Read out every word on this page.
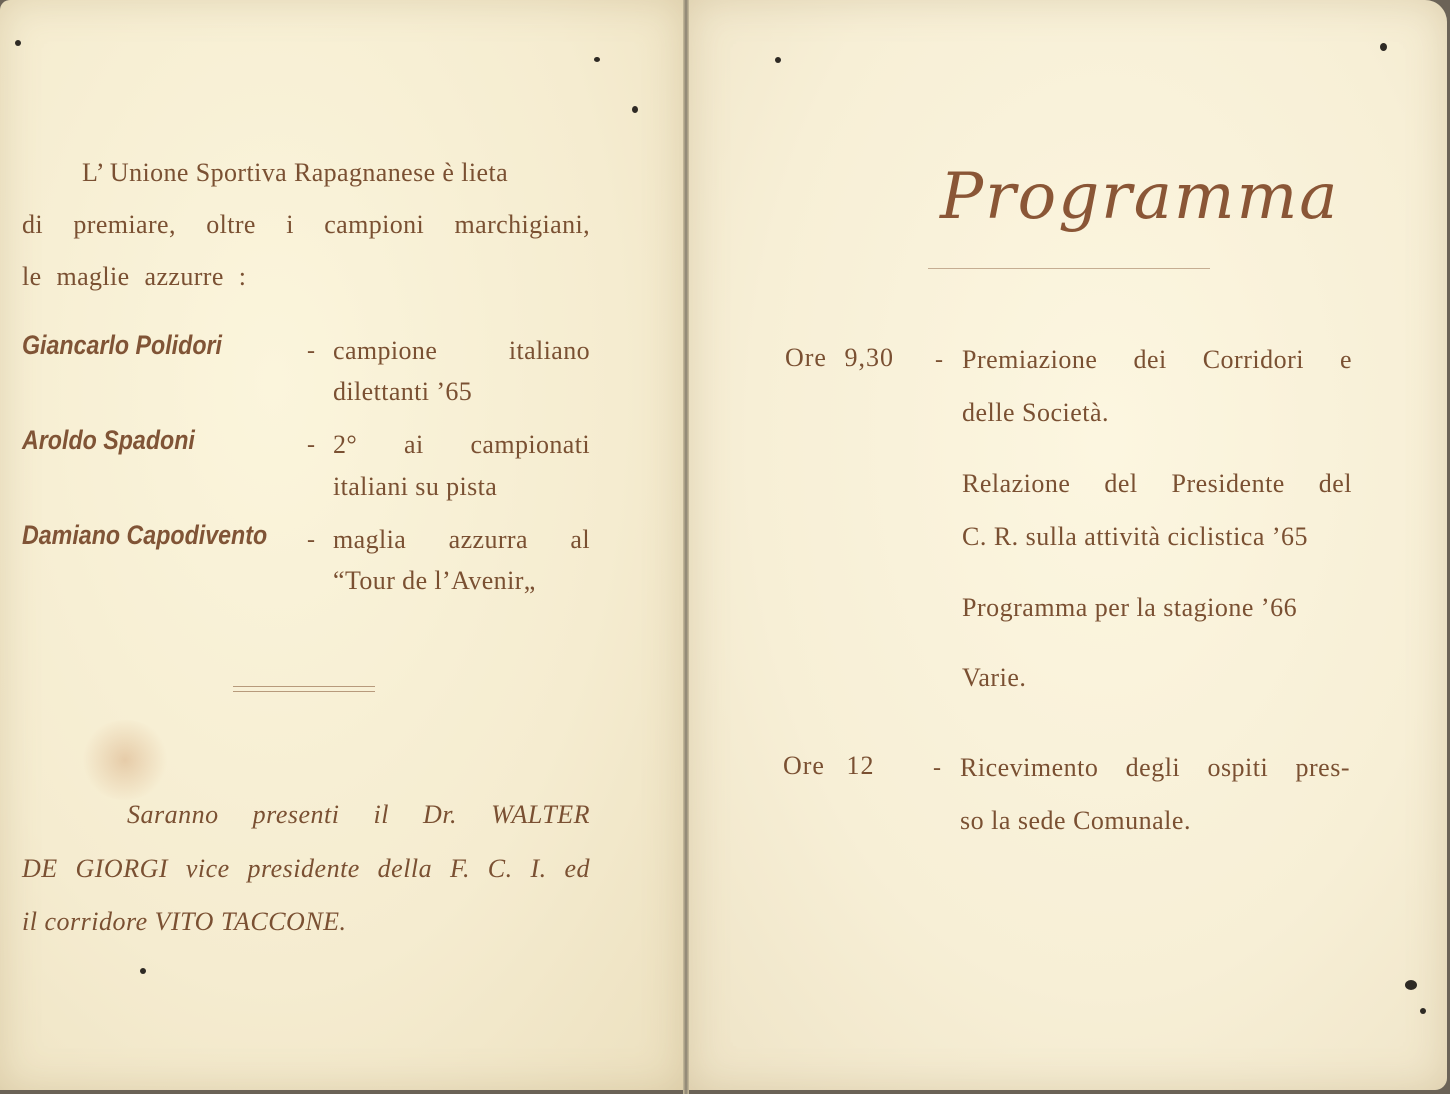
L’ Unione Sportiva Rapagnanese è lieta
di premiare, oltre i campioni marchigiani,
le maglie azzurre :
Giancarlo Polidori	- campione italiano
dilettanti ’65
Aroldo Spadoni	- 2° ai campionati
italiani su pista
Damiano Capodivento - maglia azzurra al
“Tour de l’Avenir„
Saranno presenti il Dr. WALTER
DE GIORGI vice presidente della F. C. I. ed
il corridore VITO TACCONE.
Programma
Ore 9,30 - Premiazione dei Corridori e
delle Società.
Relazione del Presidente del
C. R. sulla attività ciclistica ’65
Programma per la stagione ’66
Varie.
Ore 12 - Ricevimento degli ospiti pres-
so la sede Comunale.
